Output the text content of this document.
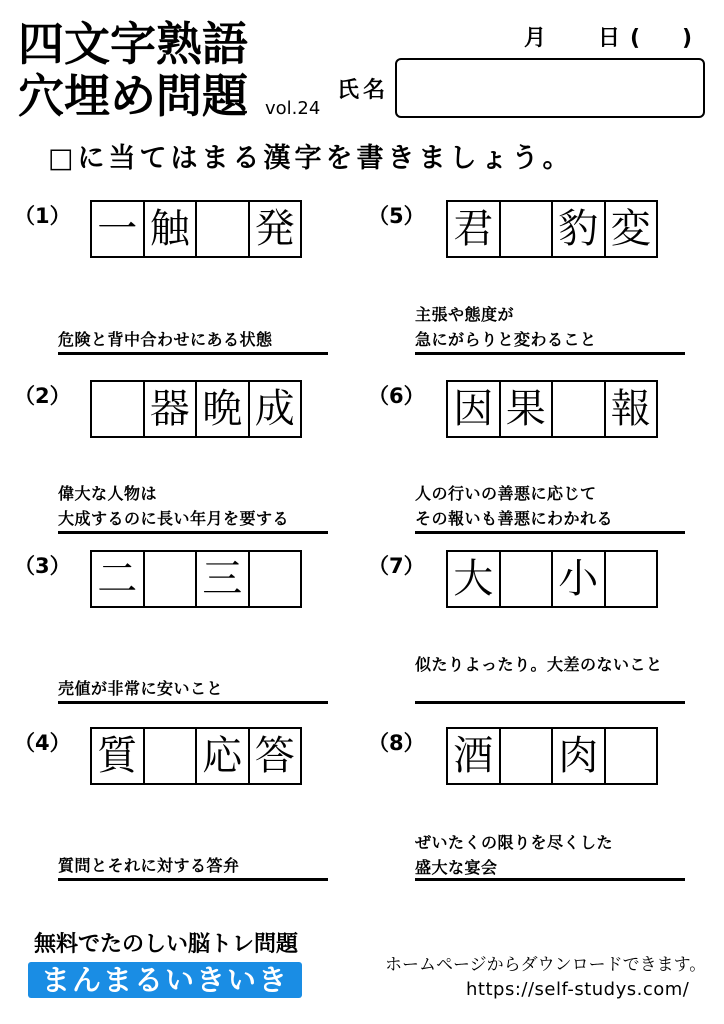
四文字熟語
穴埋め問題 vol.24
月 日 ( )
氏名
□に当てはまる漢字を書きましょう。
（1） 一 触 発
危険と背中合わせにある状態
（2） 器 晩 成
偉大な人物は
大成するのに長い年月を要する
（3） 二 三
売値が非常に安いこと
（4） 質 応 答
質問とそれに対する答弁
（5） 君 豹 変
主張や態度が
急にがらりと変わること
（6） 因 果 報
人の行いの善悪に応じて
その報いも善悪にわかれる
（7） 大 小
似たりよったり。大差のないこと
（8） 酒 肉
ぜいたくの限りを尽くした
盛大な宴会
無料でたのしい脳トレ問題
まんまるいきいき	ホームページからダウンロードできます。
https://self-studys.com/
